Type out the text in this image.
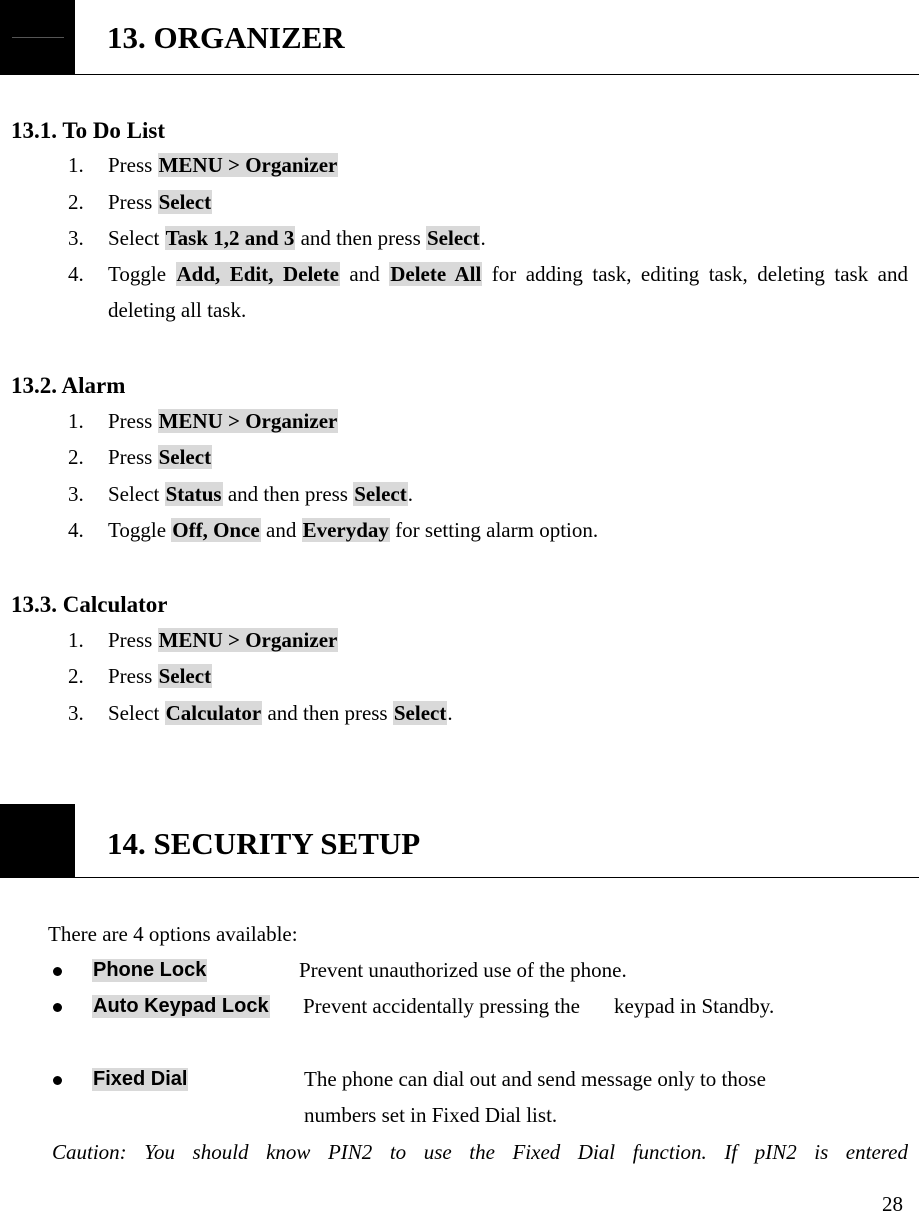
13. ORGANIZER
13.1. To Do List
1. Press MENU > Organizer
2. Press Select
3. Select Task 1,2 and 3 and then press Select.
4. Toggle Add, Edit, Delete and Delete All for adding task, editing task, deleting task and deleting all task.
13.2. Alarm
1. Press MENU > Organizer
2. Press Select
3. Select Status and then press Select.
4. Toggle Off, Once and Everyday for setting alarm option.
13.3. Calculator
1. Press MENU > Organizer
2. Press Select
3. Select Calculator and then press Select.
14. SECURITY SETUP
There are 4 options available:
Phone Lock	Prevent unauthorized use of the phone.
Auto Keypad Lock Prevent accidentally pressing the keypad in Standby.
Fixed Dial	The phone can dial out and send message only to those
numbers set in Fixed Dial list.
Caution: You should know PIN2 to use the Fixed Dial function. If pIN2 is entered
28
